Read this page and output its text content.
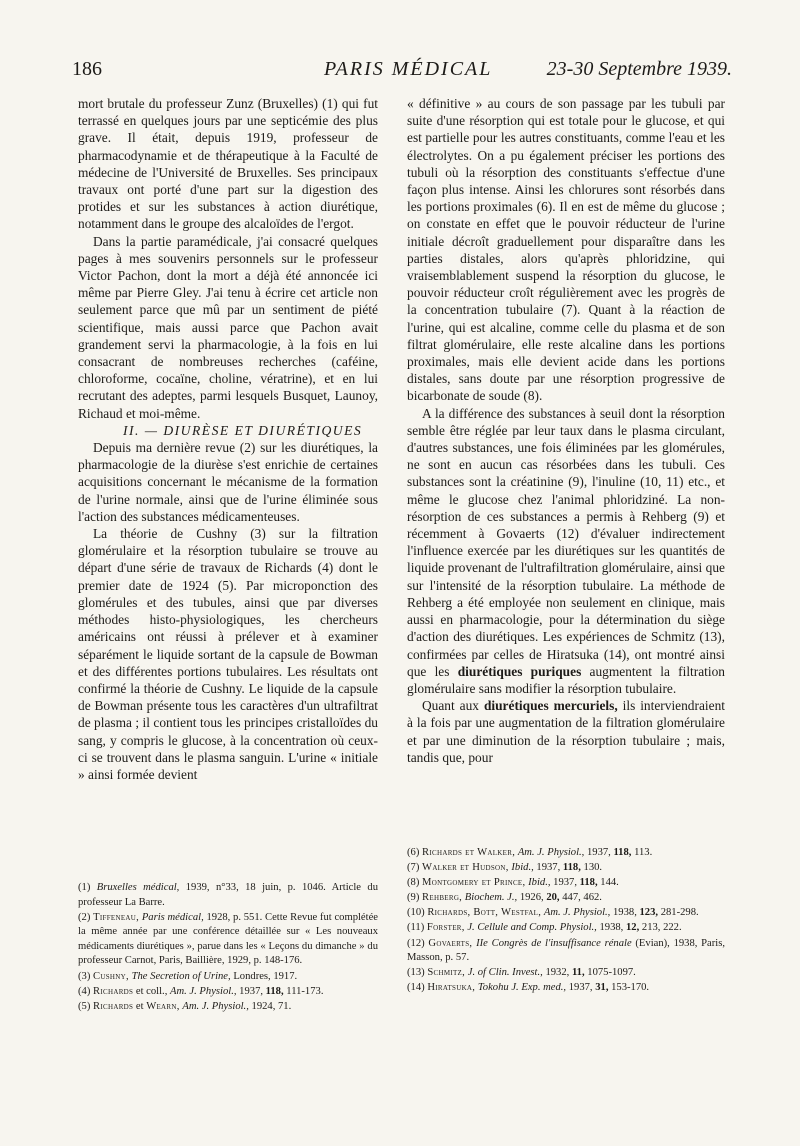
186	PARIS MÉDICAL	23-30 Septembre 1939.

mort brutale du professeur Zunz (Bruxelles) (1) qui fut terrassé en quelques jours par une septicémie des plus grave. Il était, depuis 1919, professeur de pharmacodynamie et de thérapeutique à la Faculté de médecine de l'Université de Bruxelles. Ses principaux travaux ont porté d'une part sur la digestion des protides et sur les substances à action diurétique, notamment dans le groupe des alcaloïdes de l'ergot.

Dans la partie paramédicale, j'ai consacré quelques pages à mes souvenirs personnels sur le professeur Victor Pachon, dont la mort a déjà été annoncée ici même par Pierre Gley. J'ai tenu à écrire cet article non seulement parce que mû par un sentiment de piété scientifique, mais aussi parce que Pachon avait grandement servi la pharmacologie, à la fois en lui consacrant de nombreuses recherches (caféine, chloroforme, cocaïne, choline, vératrine), et en lui recrutant des adeptes, parmi lesquels Busquet, Launoy, Richaud et moi-même.

II. — DIURÈSE ET DIURÉTIQUES

Depuis ma dernière revue (2) sur les diurétiques, la pharmacologie de la diurèse s'est enrichie de certaines acquisitions concernant le mécanisme de la formation de l'urine normale, ainsi que de l'urine éliminée sous l'action des substances médicamenteuses.

La théorie de Cushny (3) sur la filtration glomérulaire et la résorption tubulaire se trouve au départ d'une série de travaux de Richards (4) dont le premier date de 1924 (5). Par microponction des glomérules et des tubules, ainsi que par diverses méthodes histo-physiologiques, les chercheurs américains ont réussi à prélever et à examiner séparément le liquide sortant de la capsule de Bowman et des différentes portions tubulaires. Les résultats ont confirmé la théorie de Cushny. Le liquide de la capsule de Bowman présente tous les caractères d'un ultrafiltrat de plasma ; il contient tous les principes cristalloïdes du sang, y compris le glucose, à la concentration où ceux-ci se trouvent dans le plasma sanguin. L'urine « initiale » ainsi formée devient

(1) Bruxelles médical, 1939, n°33, 18 juin, p. 1046. Article du professeur La Barre.

(2) Tiffeneau, Paris médical, 1928, p. 551. Cette Revue fut complétée la même année par une conférence détaillée sur « Les nouveaux médicaments diurétiques », parue dans les « Leçons du dimanche » du professeur Carnot, Paris, Baillière, 1929, p. 148-176.

(3) Cushny, The Secretion of Urine, Londres, 1917.

(4) Richards et coll., Am. J. Physiol., 1937, 118, 111-173.

(5) Richards et Wearn, Am. J. Physiol., 1924, 71.

« définitive » au cours de son passage par les tubuli par suite d'une résorption qui est totale pour le glucose, et qui est partielle pour les autres constituants, comme l'eau et les électrolytes. On a pu également préciser les portions des tubuli où la résorption des constituants s'effectue d'une façon plus intense. Ainsi les chlorures sont résorbés dans les portions proximales (6). Il en est de même du glucose ; on constate en effet que le pouvoir réducteur de l'urine initiale décroît graduellement pour disparaître dans les parties distales, alors qu'après phloridzine, qui vraisemblablement suspend la résorption du glucose, le pouvoir réducteur croît régulièrement avec les progrès de la concentration tubulaire (7). Quant à la réaction de l'urine, qui est alcaline, comme celle du plasma et de son filtrat glomérulaire, elle reste alcaline dans les portions proximales, mais elle devient acide dans les portions distales, sans doute par une résorption progressive de bicarbonate de soude (8).

A la différence des substances à seuil dont la résorption semble être réglée par leur taux dans le plasma circulant, d'autres substances, une fois éliminées par les glomérules, ne sont en aucun cas résorbées dans les tubuli. Ces substances sont la créatinine (9), l'inuline (10, 11) etc., et même le glucose chez l'animal phloridziné. La non-résorption de ces substances a permis à Rehberg (9) et récemment à Govaerts (12) d'évaluer indirectement l'influence exercée par les diurétiques sur les quantités de liquide provenant de l'ultrafiltration glomérulaire, ainsi que sur l'intensité de la résorption tubulaire. La méthode de Rehberg a été employée non seulement en clinique, mais aussi en pharmacologie, pour la détermination du siège d'action des diurétiques. Les expériences de Schmitz (13), confirmées par celles de Hiratsuka (14), ont montré ainsi que les diurétiques puriques augmentent la filtration glomérulaire sans modifier la résorption tubulaire.

Quant aux diurétiques mercuriels, ils interviendraient à la fois par une augmentation de la filtration glomérulaire et par une diminution de la résorption tubulaire ; mais, tandis que, pour

(6) Richards et Walker, Am. J. Physiol., 1937, 118, 113.

(7) Walker et Hudson, Ibid., 1937, 118, 130.

(8) Montgomery et Prince, Ibid., 1937, 118, 144.

(9) Rehberg, Biochem. J., 1926, 20, 447, 462.

(10) Richards, Bott, Westfal, Am. J. Physiol., 1938, 123, 281-298.

(11) Forster, J. Cellule and Comp. Physiol., 1938, 12, 213, 222.

(12) Govaerts, IIe Congrès de l'insuffisance rénale (Evian), 1938, Paris, Masson, p. 57.

(13) Schmitz, J. of Clin. Invest., 1932, 11, 1075-1097.

(14) Hiratsuka, Tokohu J. Exp. med., 1937, 31, 153-170.
